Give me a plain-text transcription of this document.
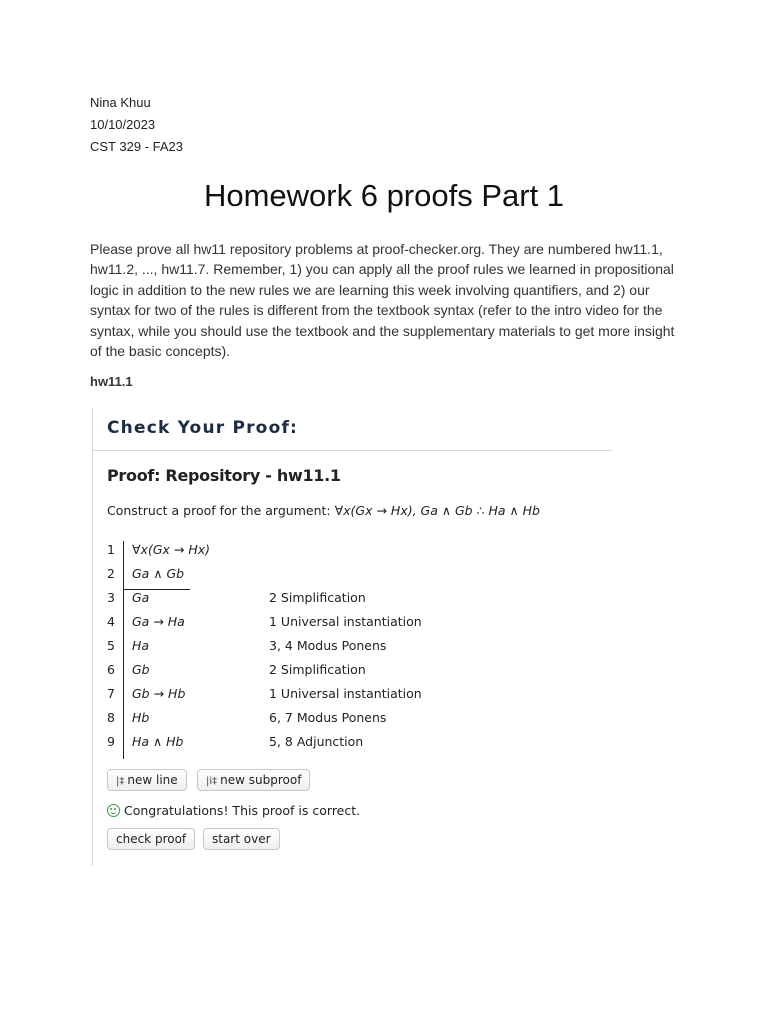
Nina Khuu
10/10/2023
CST 329 - FA23
Homework 6 proofs Part 1
Please prove all hw11 repository problems at proof-checker.org. They are numbered hw11.1, hw11.2, ..., hw11.7. Remember, 1) you can apply all the proof rules we learned in propositional logic in addition to the new rules we are learning this week involving quantifiers, and 2) our syntax for two of the rules is different from the textbook syntax (refer to the intro video for the syntax, while you should use the textbook and the supplementary materials to get more insight of the basic concepts).
hw11.1
Check Your Proof:
Proof: Repository - hw11.1
Construct a proof for the argument: ∀x(Gx → Hx), Ga ∧ Gb ∴ Ha ∧ Hb
1 ∀x(Gx → Hx)
2 Ga ∧ Gb
3 Ga	2 Simplification
4 Ga → Ha	1 Universal instantiation
5 Ha	3, 4 Modus Ponens
6 Gb	2 Simplification
7 Gb → Hb	1 Universal instantiation
8 Hb	6, 7 Modus Ponens
9 Ha ∧ Hb	5, 8 Adjunction
|‡ new line	|i‡ new subproof
Congratulations! This proof is correct.
check proof	start over
